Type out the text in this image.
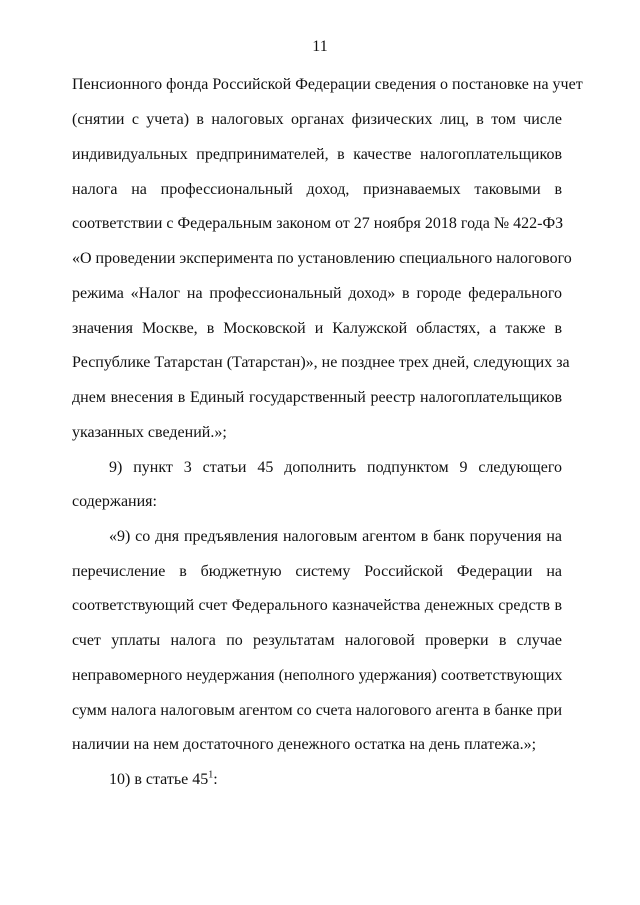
11
Пенсионного фонда Российской Федерации сведения о постановке на учет
(снятии с учета) в налоговых органах физических лиц, в том числе
индивидуальных предпринимателей, в качестве налогоплательщиков
налога на профессиональный доход, признаваемых таковыми в
соответствии с Федеральным законом от 27 ноября 2018 года № 422-ФЗ
«О проведении эксперимента по установлению специального налогового
режима «Налог на профессиональный доход» в городе федерального
значения Москве, в Московской и Калужской областях, а также в
Республике Татарстан (Татарстан)», не позднее трех дней, следующих за
днем внесения в Единый государственный реестр налогоплательщиков
указанных сведений.»;
9) пункт 3 статьи 45 дополнить подпунктом 9 следующего
содержания:
«9) со дня предъявления налоговым агентом в банк поручения на
перечисление в бюджетную систему Российской Федерации на
соответствующий счет Федерального казначейства денежных средств в
счет уплаты налога по результатам налоговой проверки в случае
неправомерного неудержания (неполного удержания) соответствующих
сумм налога налоговым агентом со счета налогового агента в банке при
наличии на нем достаточного денежного остатка на день платежа.»;
10) в статье $45^1$:
